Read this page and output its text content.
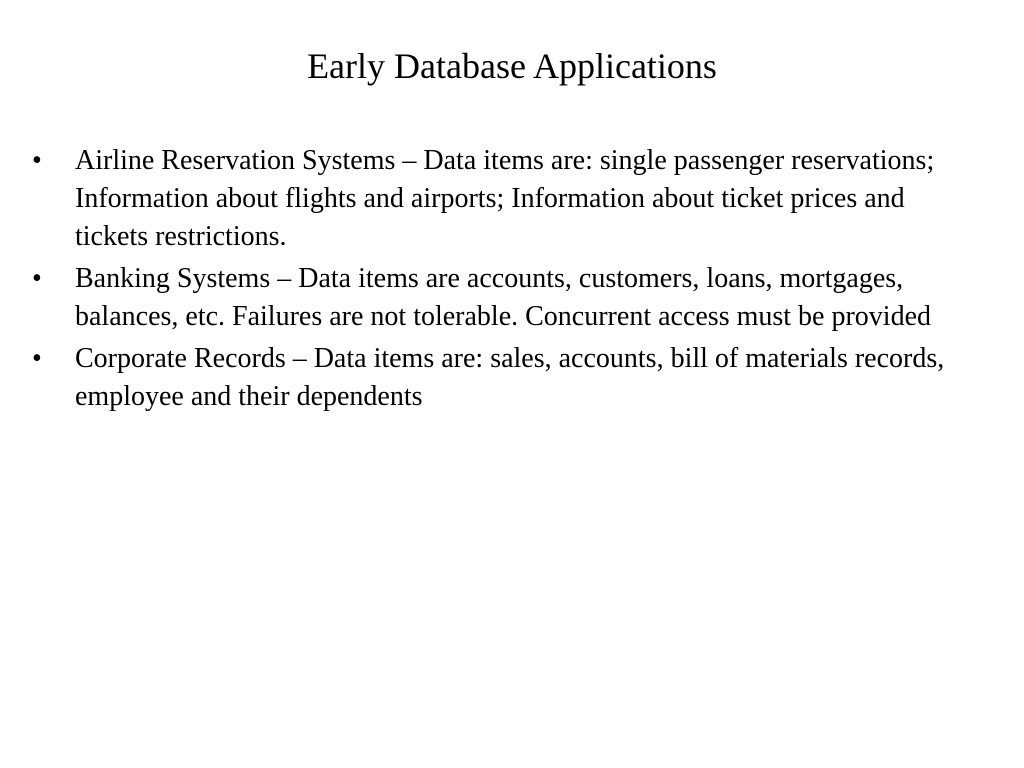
Early Database Applications
•	Airline Reservation Systems – Data items are: single passenger reservations; Information about flights and airports; Information about ticket prices and tickets restrictions.
•	Banking Systems – Data items are accounts, customers, loans, mortgages, balances, etc. Failures are not tolerable. Concurrent access must be provided
•	Corporate Records – Data items are: sales, accounts, bill of materials records, employee and their dependents
